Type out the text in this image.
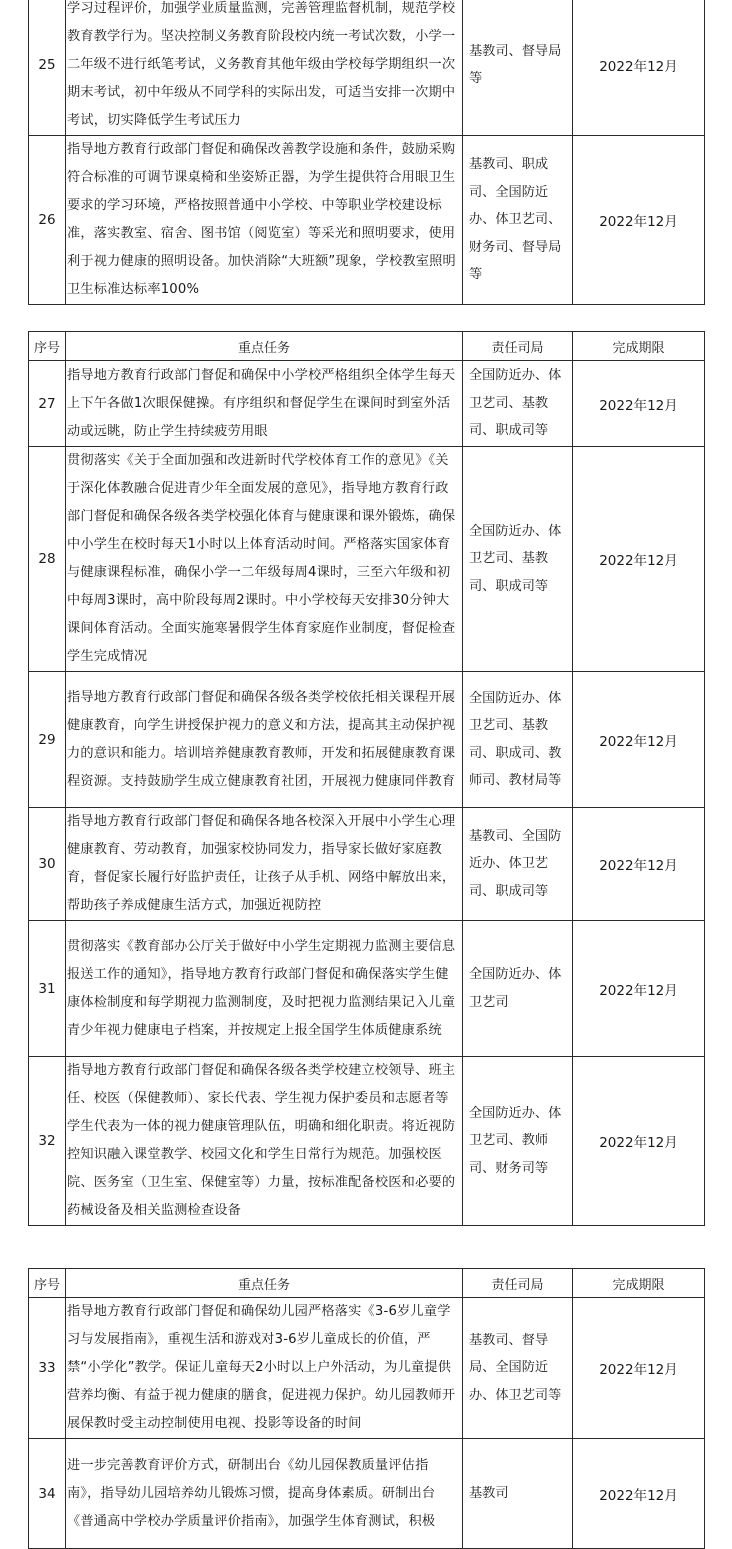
25	学习过程评价，加强学业质量监测，完善管理监督机制，规范学校教育教学行为。坚决控制义务教育阶段校内统一考试次数，小学一二年级不进行纸笔考试，义务教育其他年级由学校每学期组织一次期末考试，初中年级从不同学科的实际出发，可适当安排一次期中考试，切实降低学生考试压力	基教司、督导局等	2022年12月
26	指导地方教育行政部门督促和确保改善教学设施和条件，鼓励采购符合标准的可调节课桌椅和坐姿矫正器，为学生提供符合用眼卫生要求的学习环境，严格按照普通中小学校、中等职业学校建设标准，落实教室、宿舍、图书馆（阅览室）等采光和照明要求，使用利于视力健康的照明设备。加快消除“大班额”现象，学校教室照明卫生标准达标率100%	基教司、职成司、全国防近办、体卫艺司、财务司、督导局等	2022年12月
序号	重点任务	责任司局	完成期限
27	指导地方教育行政部门督促和确保中小学校严格组织全体学生每天上下午各做1次眼保健操。有序组织和督促学生在课间时到室外活动或远眺，防止学生持续疲劳用眼	全国防近办、体卫艺司、基教司、职成司等	2022年12月
28	贯彻落实《关于全面加强和改进新时代学校体育工作的意见》《关于深化体教融合促进青少年全面发展的意见》，指导地方教育行政部门督促和确保各级各类学校强化体育与健康课和课外锻炼，确保中小学生在校时每天1小时以上体育活动时间。严格落实国家体育与健康课程标准，确保小学一二年级每周4课时，三至六年级和初中每周3课时，高中阶段每周2课时。中小学校每天安排30分钟大课间体育活动。全面实施寒暑假学生体育家庭作业制度，督促检查学生完成情况	全国防近办、体卫艺司、基教司、职成司等	2022年12月
29	指导地方教育行政部门督促和确保各级各类学校依托相关课程开展健康教育，向学生讲授保护视力的意义和方法，提高其主动保护视力的意识和能力。培训培养健康教育教师，开发和拓展健康教育课程资源。支持鼓励学生成立健康教育社团，开展视力健康同伴教育	全国防近办、体卫艺司、基教司、职成司、教师司、教材局等	2022年12月
30	指导地方教育行政部门督促和确保各地各校深入开展中小学生心理健康教育、劳动教育，加强家校协同发力，指导家长做好家庭教育，督促家长履行好监护责任，让孩子从手机、网络中解放出来，帮助孩子养成健康生活方式，加强近视防控	基教司、全国防近办、体卫艺司、职成司等	2022年12月
31	贯彻落实《教育部办公厅关于做好中小学生定期视力监测主要信息报送工作的通知》，指导地方教育行政部门督促和确保落实学生健康体检制度和每学期视力监测制度，及时把视力监测结果记入儿童青少年视力健康电子档案，并按规定上报全国学生体质健康系统	全国防近办、体卫艺司	2022年12月
32	指导地方教育行政部门督促和确保各级各类学校建立校领导、班主任、校医（保健教师）、家长代表、学生视力保护委员和志愿者等学生代表为一体的视力健康管理队伍，明确和细化职责。将近视防控知识融入课堂教学、校园文化和学生日常行为规范。加强校医院、医务室（卫生室、保健室等）力量，按标准配备校医和必要的药械设备及相关监测检查设备	全国防近办、体卫艺司、教师司、财务司等	2022年12月
序号	重点任务	责任司局	完成期限
33	指导地方教育行政部门督促和确保幼儿园严格落实《3-6岁儿童学习与发展指南》，重视生活和游戏对3-6岁儿童成长的价值，严禁“小学化”教学。保证儿童每天2小时以上户外活动，为儿童提供营养均衡、有益于视力健康的膳食，促进视力保护。幼儿园教师开展保教时受主动控制使用电视、投影等设备的时间	基教司、督导局、全国防近办、体卫艺司等	2022年12月
34	进一步完善教育评价方式，研制出台《幼儿园保教质量评估指南》，指导幼儿园培养幼儿锻炼习惯，提高身体素质。研制出台《普通高中学校办学质量评价指南》，加强学生体育测试，积极	基教司	2022年12月
